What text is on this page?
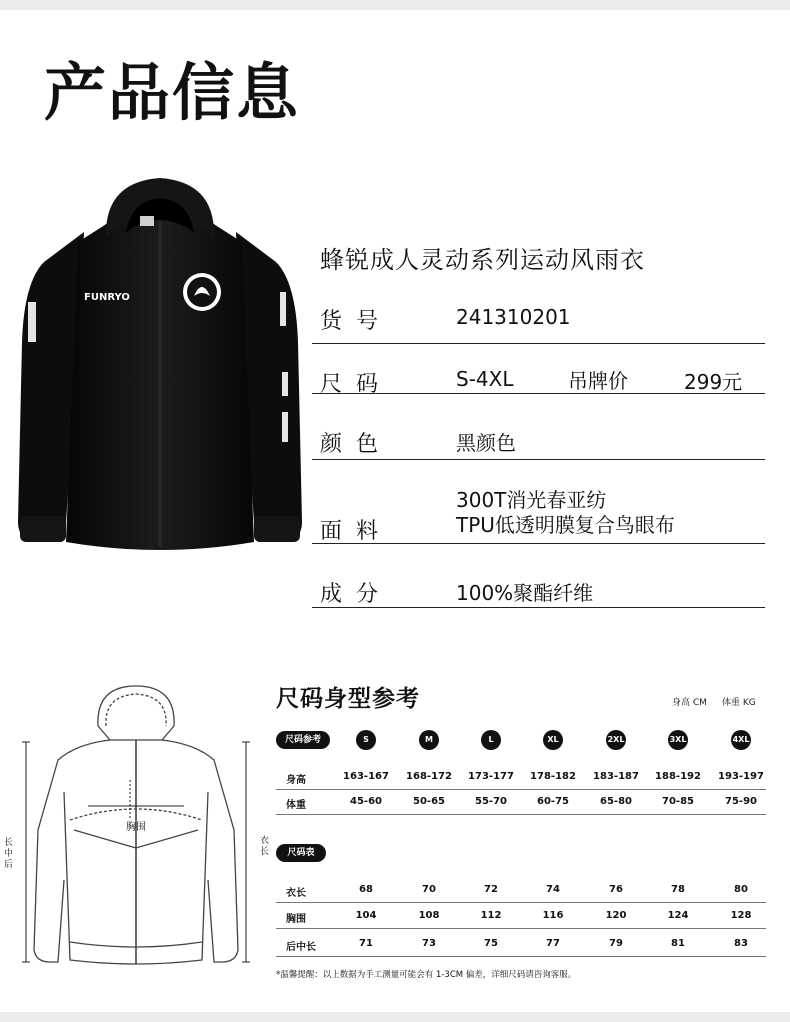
产品信息
FUNRYO
蜂锐成人灵动系列运动风雨衣
货号	241310201
尺码	S-4XL	吊牌价	299元
颜色	黑颜色
面料
300T消光春亚纺
TPU低透明膜复合鸟眼布
成分	100%聚酯纤维
胸围
长中后
衣长
尺码身型参考	身高 CM 体重 KG
尺码参考	S	M	L	XL	2XL	3XL	4XL
身高	163-167	168-172	173-177	178-182	183-187	188-192	193-197
体重	45-60	50-65	55-70	60-75	65-80	70-85	75-90
尺码表
衣长	68	70	72	74	76	78	80
胸围	104	108	112	116	120	124	128
后中长	71	73	75	77	79	81	83
*温馨提醒：以上数据为手工测量可能会有 1-3CM 偏差，详细尺码请咨询客服。
